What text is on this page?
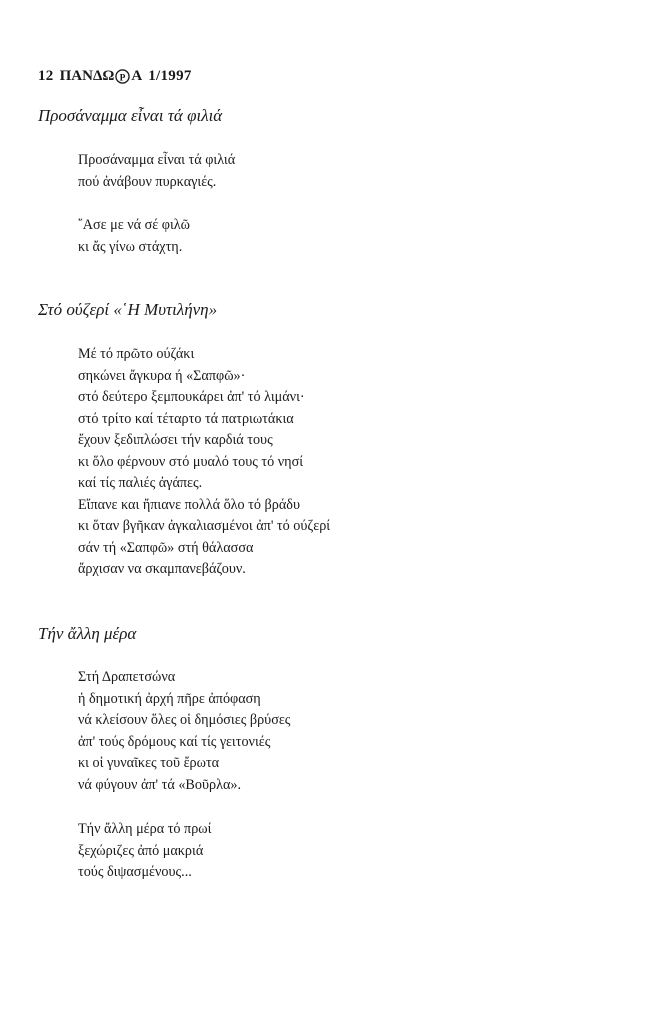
12 ΠΑΝΔΩ Ρ Α 1/1997
Προσάναμμα εἶναι τά φιλιά
Προσάναμμα εἶναι τά φιλιά
πού ἀνάβουν πυρκαγιές.
῎Ασε με νά σέ φιλῶ
κι ἄς γίνω στάχτη.
Στό ούζερί «῾Η Μυτιλήνη»
Μέ τό πρῶτο ούζάκι
σηκώνει ἄγκυρα ή «Σαπφῶ»·
στό δεύτερο ξεμπουκάρει ἀπ' τό λιμάνι·
στό τρίτο καί τέταρτο τά πατριωτάκια
ἔχουν ξεδιπλώσει τήν καρδιά τους
κι ὅλο φέρνουν στό μυαλό τους τό νησί
καί τίς παλιές ἀγάπες.
Εἴπανε και ἤπιανε πολλά ὅλο τό βράδυ
κι ὅταν βγῆκαν ἀγκαλιασμένοι ἀπ' τό ούζερί
σάν τή «Σαπφῶ» στή θάλασσα
ἄρχισαν να σκαμπανεβάζουν.
Τήν ἄλλη μέρα
Στή Δραπετσώνα
ἡ δημοτική ἀρχή πῆρε ἀπόφαση
νά κλείσουν ὅλες οἱ δημόσιες βρύσες
ἀπ' τούς δρόμους καί τίς γειτονιές
κι οἱ γυναῖκες τοῦ ἔρωτα
νά φύγουν ἀπ' τά «Βοῦρλα».
Τήν ἄλλη μέρα τό πρωί
ξεχώριζες ἀπό μακριά
τούς διψασμένους...
